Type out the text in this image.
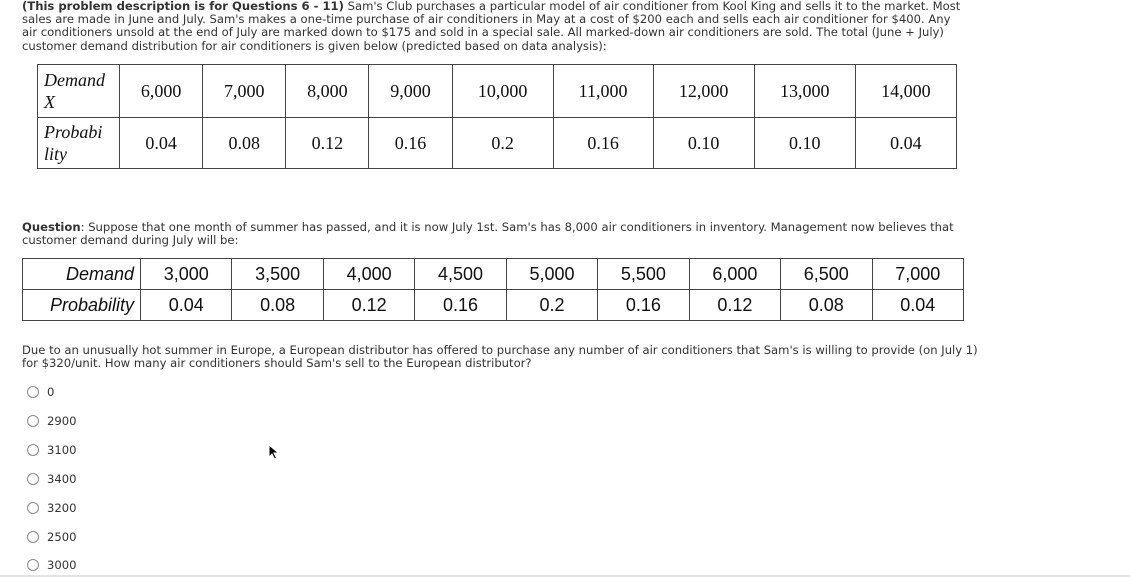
(This problem description is for Questions 6 - 11) Sam's Club purchases a particular model of air conditioner from Kool King and sells it to the market. Most sales are made in June and July. Sam's makes a one-time purchase of air conditioners in May at a cost of $200 each and sells each air conditioner for $400. Any air conditioners unsold at the end of July are marked down to $175 and sold in a special sale. All marked-down air conditioners are sold. The total (June + July) customer demand distribution for air conditioners is given below (predicted based on data analysis):
Demand
X	6,000	7,000	8,000	9,000	10,000	11,000	12,000	13,000	14,000
Probabi
lity	0.04	0.08	0.12	0.16	0.2	0.16	0.10	0.10	0.04
Question: Suppose that one month of summer has passed, and it is now July 1st. Sam's has 8,000 air conditioners in inventory. Management now believes that customer demand during July will be:
Demand	3,000	3,500	4,000	4,500	5,000	5,500	6,000	6,500	7,000
Probability	0.04	0.08	0.12	0.16	0.2	0.16	0.12	0.08	0.04
Due to an unusually hot summer in Europe, a European distributor has offered to purchase any number of air conditioners that Sam's is willing to provide (on July 1) for $320/unit. How many air conditioners should Sam's sell to the European distributor?
0
2900
3100
3400
3200
2500
3000
